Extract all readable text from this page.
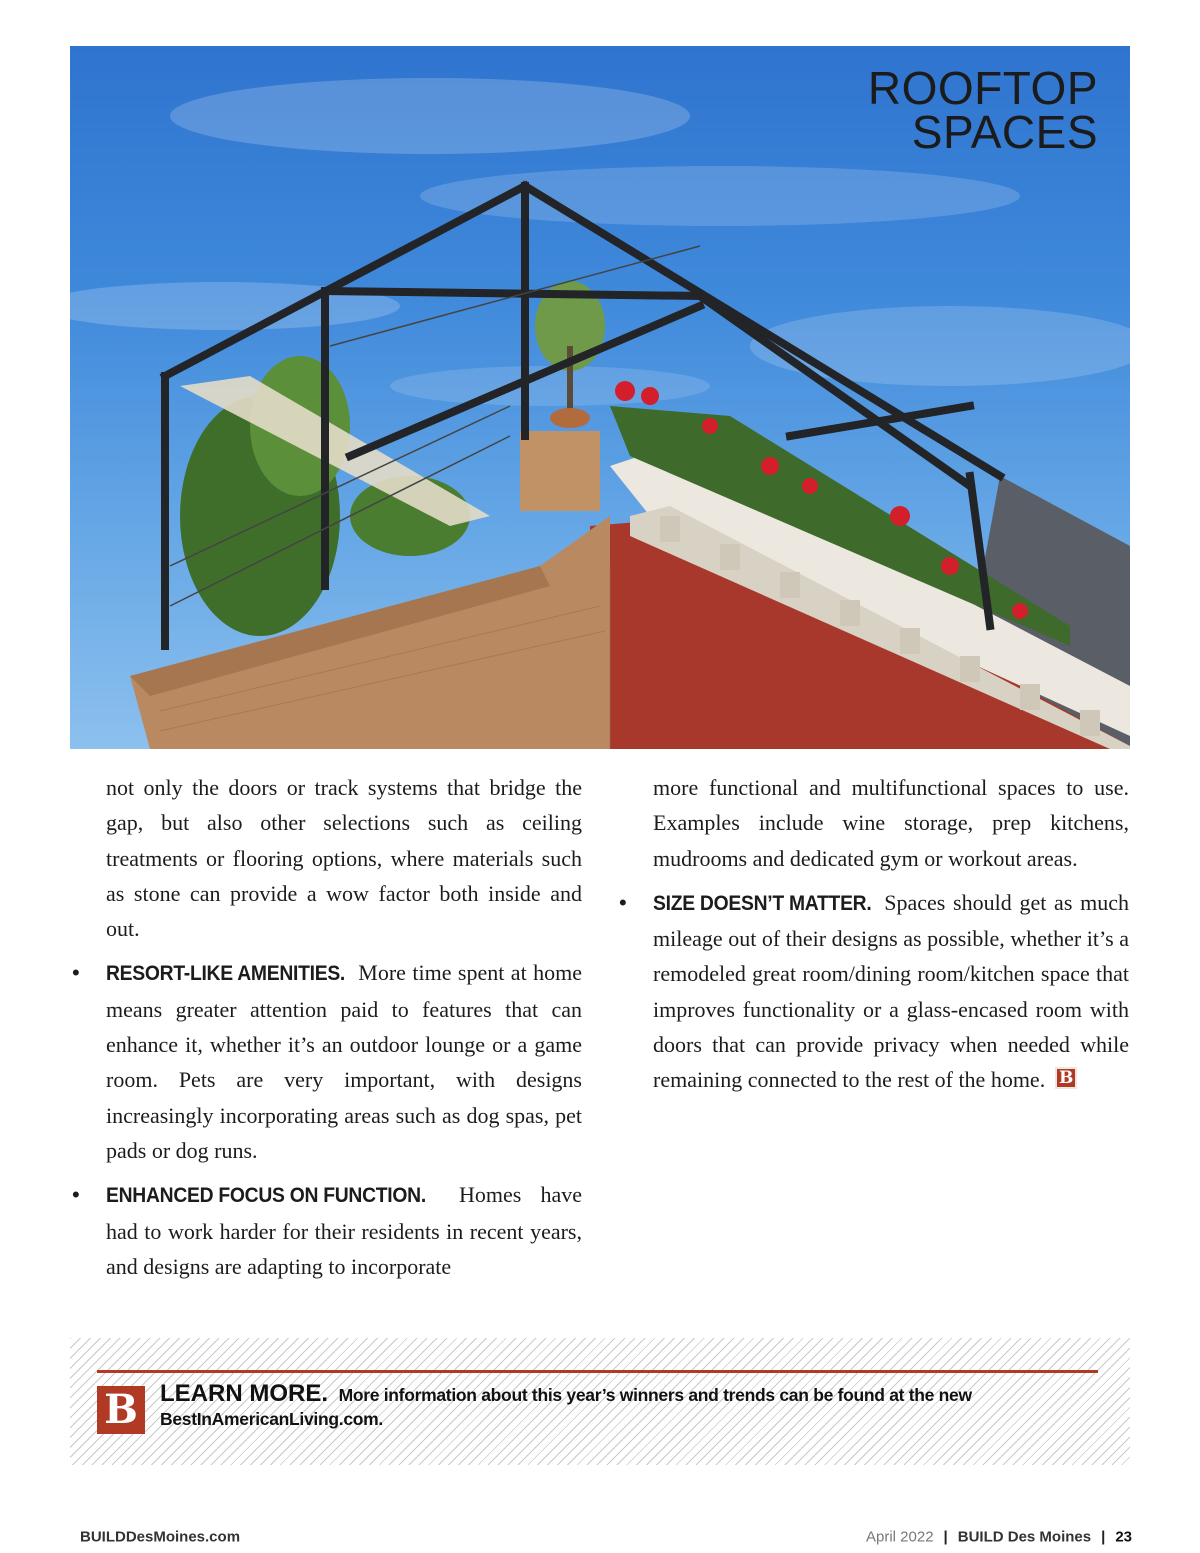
ROOFTOP
SPACES

not only the doors or track systems that bridge the gap, but also other selections such as ceiling treatments or flooring options, where materials such as stone can provide a wow factor both inside and out.

• RESORT-LIKE AMENITIES. More time spent at home means greater attention paid to features that can enhance it, whether it’s an outdoor lounge or a game room. Pets are very important, with designs increasingly incorporating areas such as dog spas, pet pads or dog runs.

• ENHANCED FOCUS ON FUNCTION. Homes have had to work harder for their residents in recent years, and designs are adapting to incorporate

more functional and multifunctional spaces to use. Examples include wine storage, prep kitchens, mudrooms and dedicated gym or workout areas.

• SIZE DOESN’T MATTER. Spaces should get as much mileage out of their designs as possible, whether it’s a remodeled great room/dining room/kitchen space that improves functionality or a glass-encased room with doors that can provide privacy when needed while remaining connected to the rest of the home. B

B LEARN MORE. More information about this year’s winners and trends can be found at the new BestInAmericanLiving.com.
BUILDDesMoines.com	April 2022 | BUILD Des Moines | 23
